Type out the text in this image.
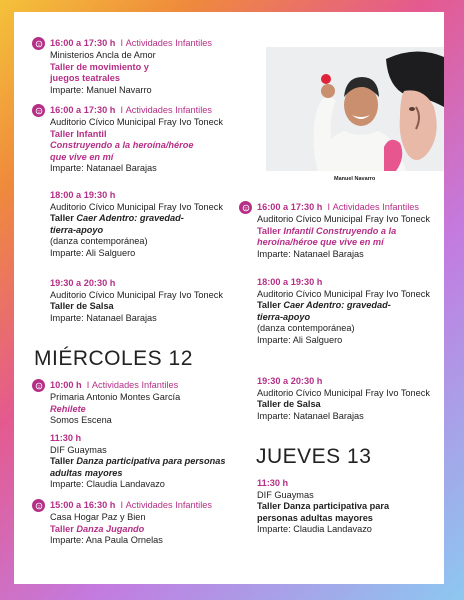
16:00 a 17:30 h
I
Actividades Infantiles
Ministerios Ancla de Amor
Taller de movimiento y juegos teatrales
Imparte: Manuel Navarro
16:00 a 17:30 h
I
Actividades Infantiles
Auditorio Cívico Municipal Fray Ivo Toneck
Taller Infantil
Construyendo a la heroína/héroe que vive en mí
Imparte: Natanael Barajas
18:00 a 19:30 h
Auditorio Cívico Municipal Fray Ivo Toneck
Taller Caer Adentro: gravedad-tierra-apoyo
(danza contemporánea)
Imparte: Ali Salguero
19:30 a 20:30 h
Auditorio Cívico Municipal Fray Ivo Toneck
Taller de Salsa
Imparte: Natanael Barajas
MIÉRCOLES 12
10:00 h
I
Actividades Infantiles
Primaria Antonio Montes García
Rehilete
Somos Escena
11:30 h
DIF Guaymas
Taller Danza participativa para personas adultas mayores
Imparte: Claudia Landavazo
15:00 a 16:30 h
I
Actividades Infantiles
Casa Hogar Paz y Bien
Taller Danza Jugando
Imparte: Ana Paula Ornelas
Manuel Navarro
16:00 a 17:30 h
I
Actividades Infantiles
Auditorio Cívico Municipal Fray Ivo Toneck
Taller Infantil Construyendo a la heroína/héroe que vive en mí
Imparte: Natanael Barajas
18:00 a 19:30 h
Auditorio Cívico Municipal Fray Ivo Toneck
Taller Caer Adentro: gravedad-tierra-apoyo
(danza contemporánea)
Imparte: Ali Salguero
19:30 a 20:30 h
Auditorio Cívico Municipal Fray Ivo Toneck
Taller de Salsa
Imparte: Natanael Barajas
JUEVES 13
11:30 h
DIF Guaymas
Taller Danza participativa para personas adultas mayores
Imparte: Claudia Landavazo
